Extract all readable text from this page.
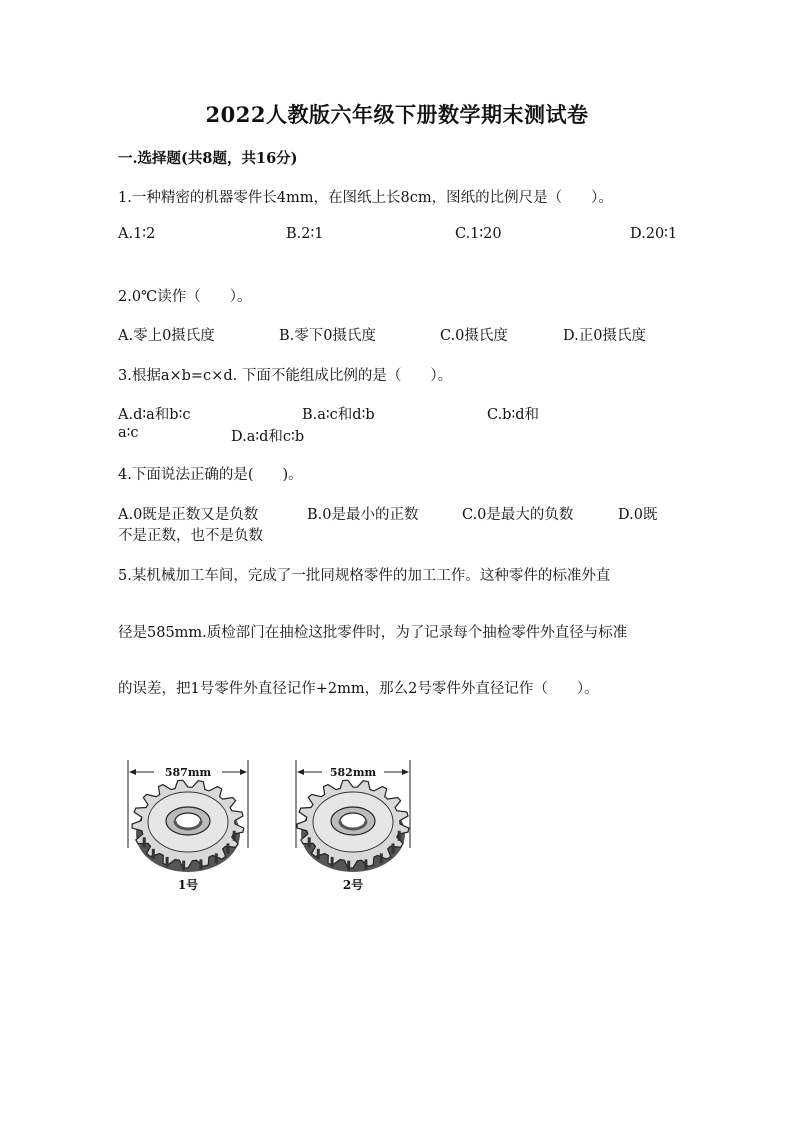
2022人教版六年级下册数学期末测试卷
一.选择题(共8题，共16分)
1.一种精密的机器零件长4mm，在图纸上长8cm，图纸的比例尺是（　　）。
A.1∶2	B.2∶1	C.1∶20	D.20∶1
2.0℃读作（　　）。
A.零上0摄氏度	B.零下0摄氏度	C.0摄氏度	D.正0摄氏度
3.根据a×b=c×d. 下面不能组成比例的是（　　）。
A.d∶a和b∶c	B.a∶c和d∶b	C.b∶d和
a∶c	D.a∶d和c∶b
4.下面说法正确的是(　　)。
A.0既是正数又是负数	B.0是最小的正数	C.0是最大的负数	D.0既
不是正数，也不是负数
5.某机械加工车间，完成了一批同规格零件的加工工作。这种零件的标准外直
径是585mm.质检部门在抽检这批零件时，为了记录每个抽检零件外直径与标准
的误差，把1号零件外直径记作+2mm，那么2号零件外直径记作（　　）。
587mm
1号
582mm
2号
